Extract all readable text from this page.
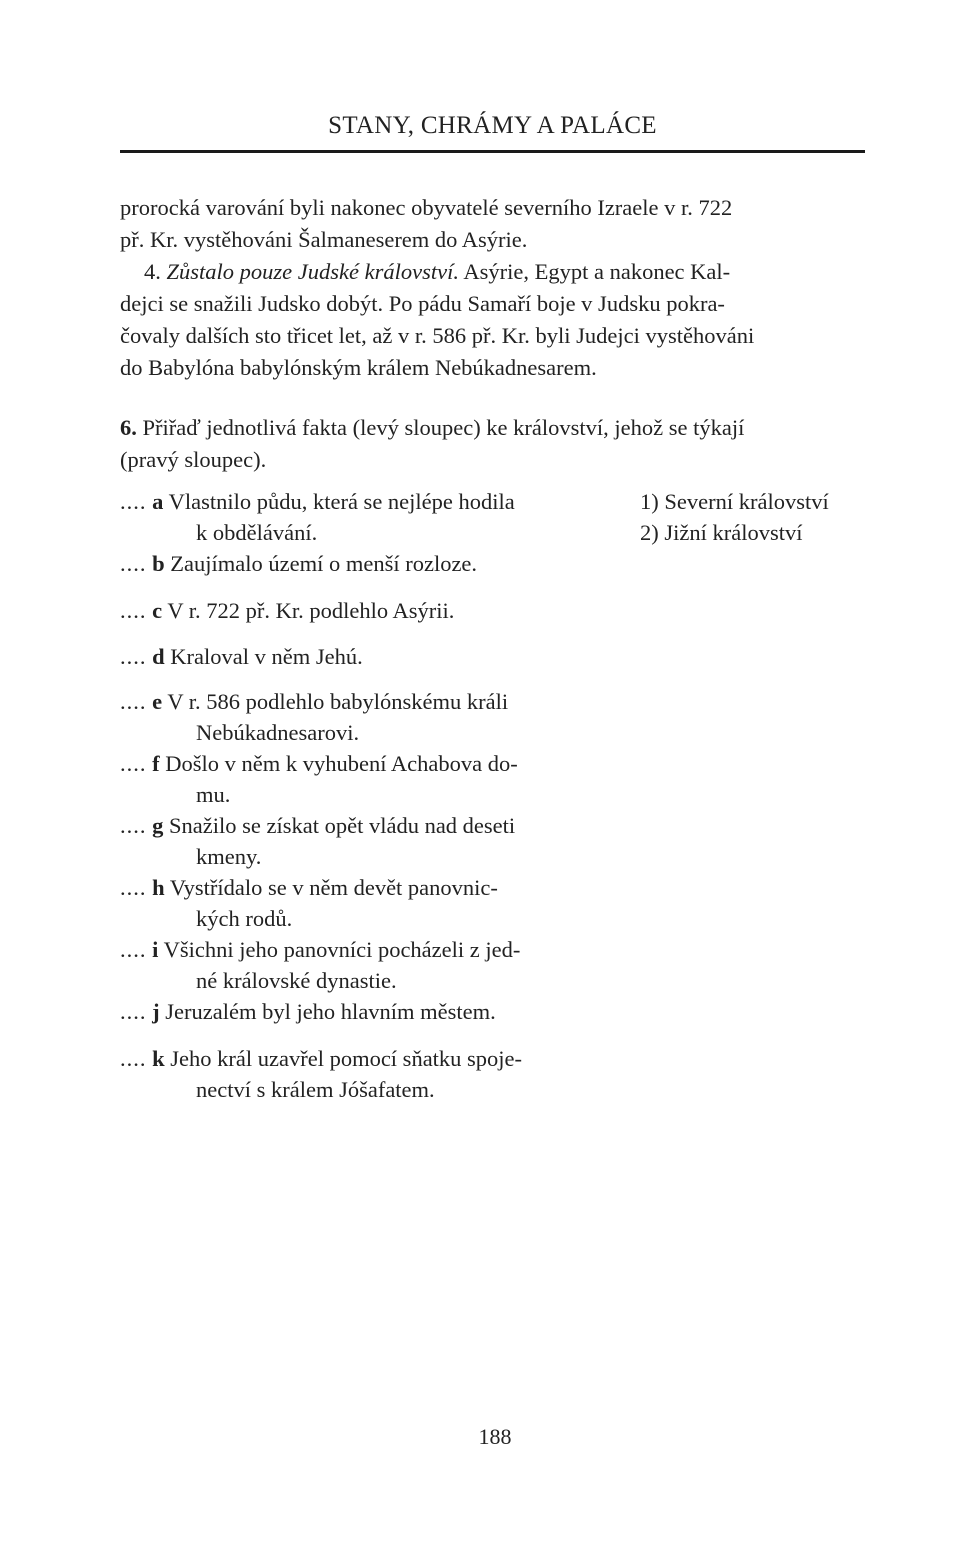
STANY, CHRÁMY A PALÁCE
prorocká varování byli nakonec obyvatelé severního Izraele v r. 722
př. Kr. vystěhováni Šalmaneserem do Asýrie.
4. Zůstalo pouze Judské království. Asýrie, Egypt a nakonec Kal-
dejci se snažili Judsko dobýt. Po pádu Samaří boje v Judsku pokra-
čovaly dalších sto třicet let, až v r. 586 př. Kr. byli Judejci vystěhováni
do Babylóna babylónským králem Nebúkadnesarem.
6. Přiřaď jednotlivá fakta (levý sloupec) ke království, jehož se týkají
(pravý sloupec).
1) Severní království
2) Jižní království
.... a Vlastnilo půdu, která se nejlépe hodila
k obdělávání.
.... b Zaujímalo území o menší rozloze.
.... c V r. 722 př. Kr. podlehlo Asýrii.
.... d Kraloval v něm Jehú.
.... e V r. 586 podlehlo babylónskému králi
Nebúkadnesarovi.
.... f Došlo v něm k vyhubení Achabova do-
mu.
.... g Snažilo se získat opět vládu nad deseti
kmeny.
.... h Vystřídalo se v něm devět panovnic-
kých rodů.
.... i Všichni jeho panovníci pocházeli z jed-
né královské dynastie.
.... j Jeruzalém byl jeho hlavním městem.
.... k Jeho král uzavřel pomocí sňatku spoje-
nectví s králem Jóšafatem.
188
